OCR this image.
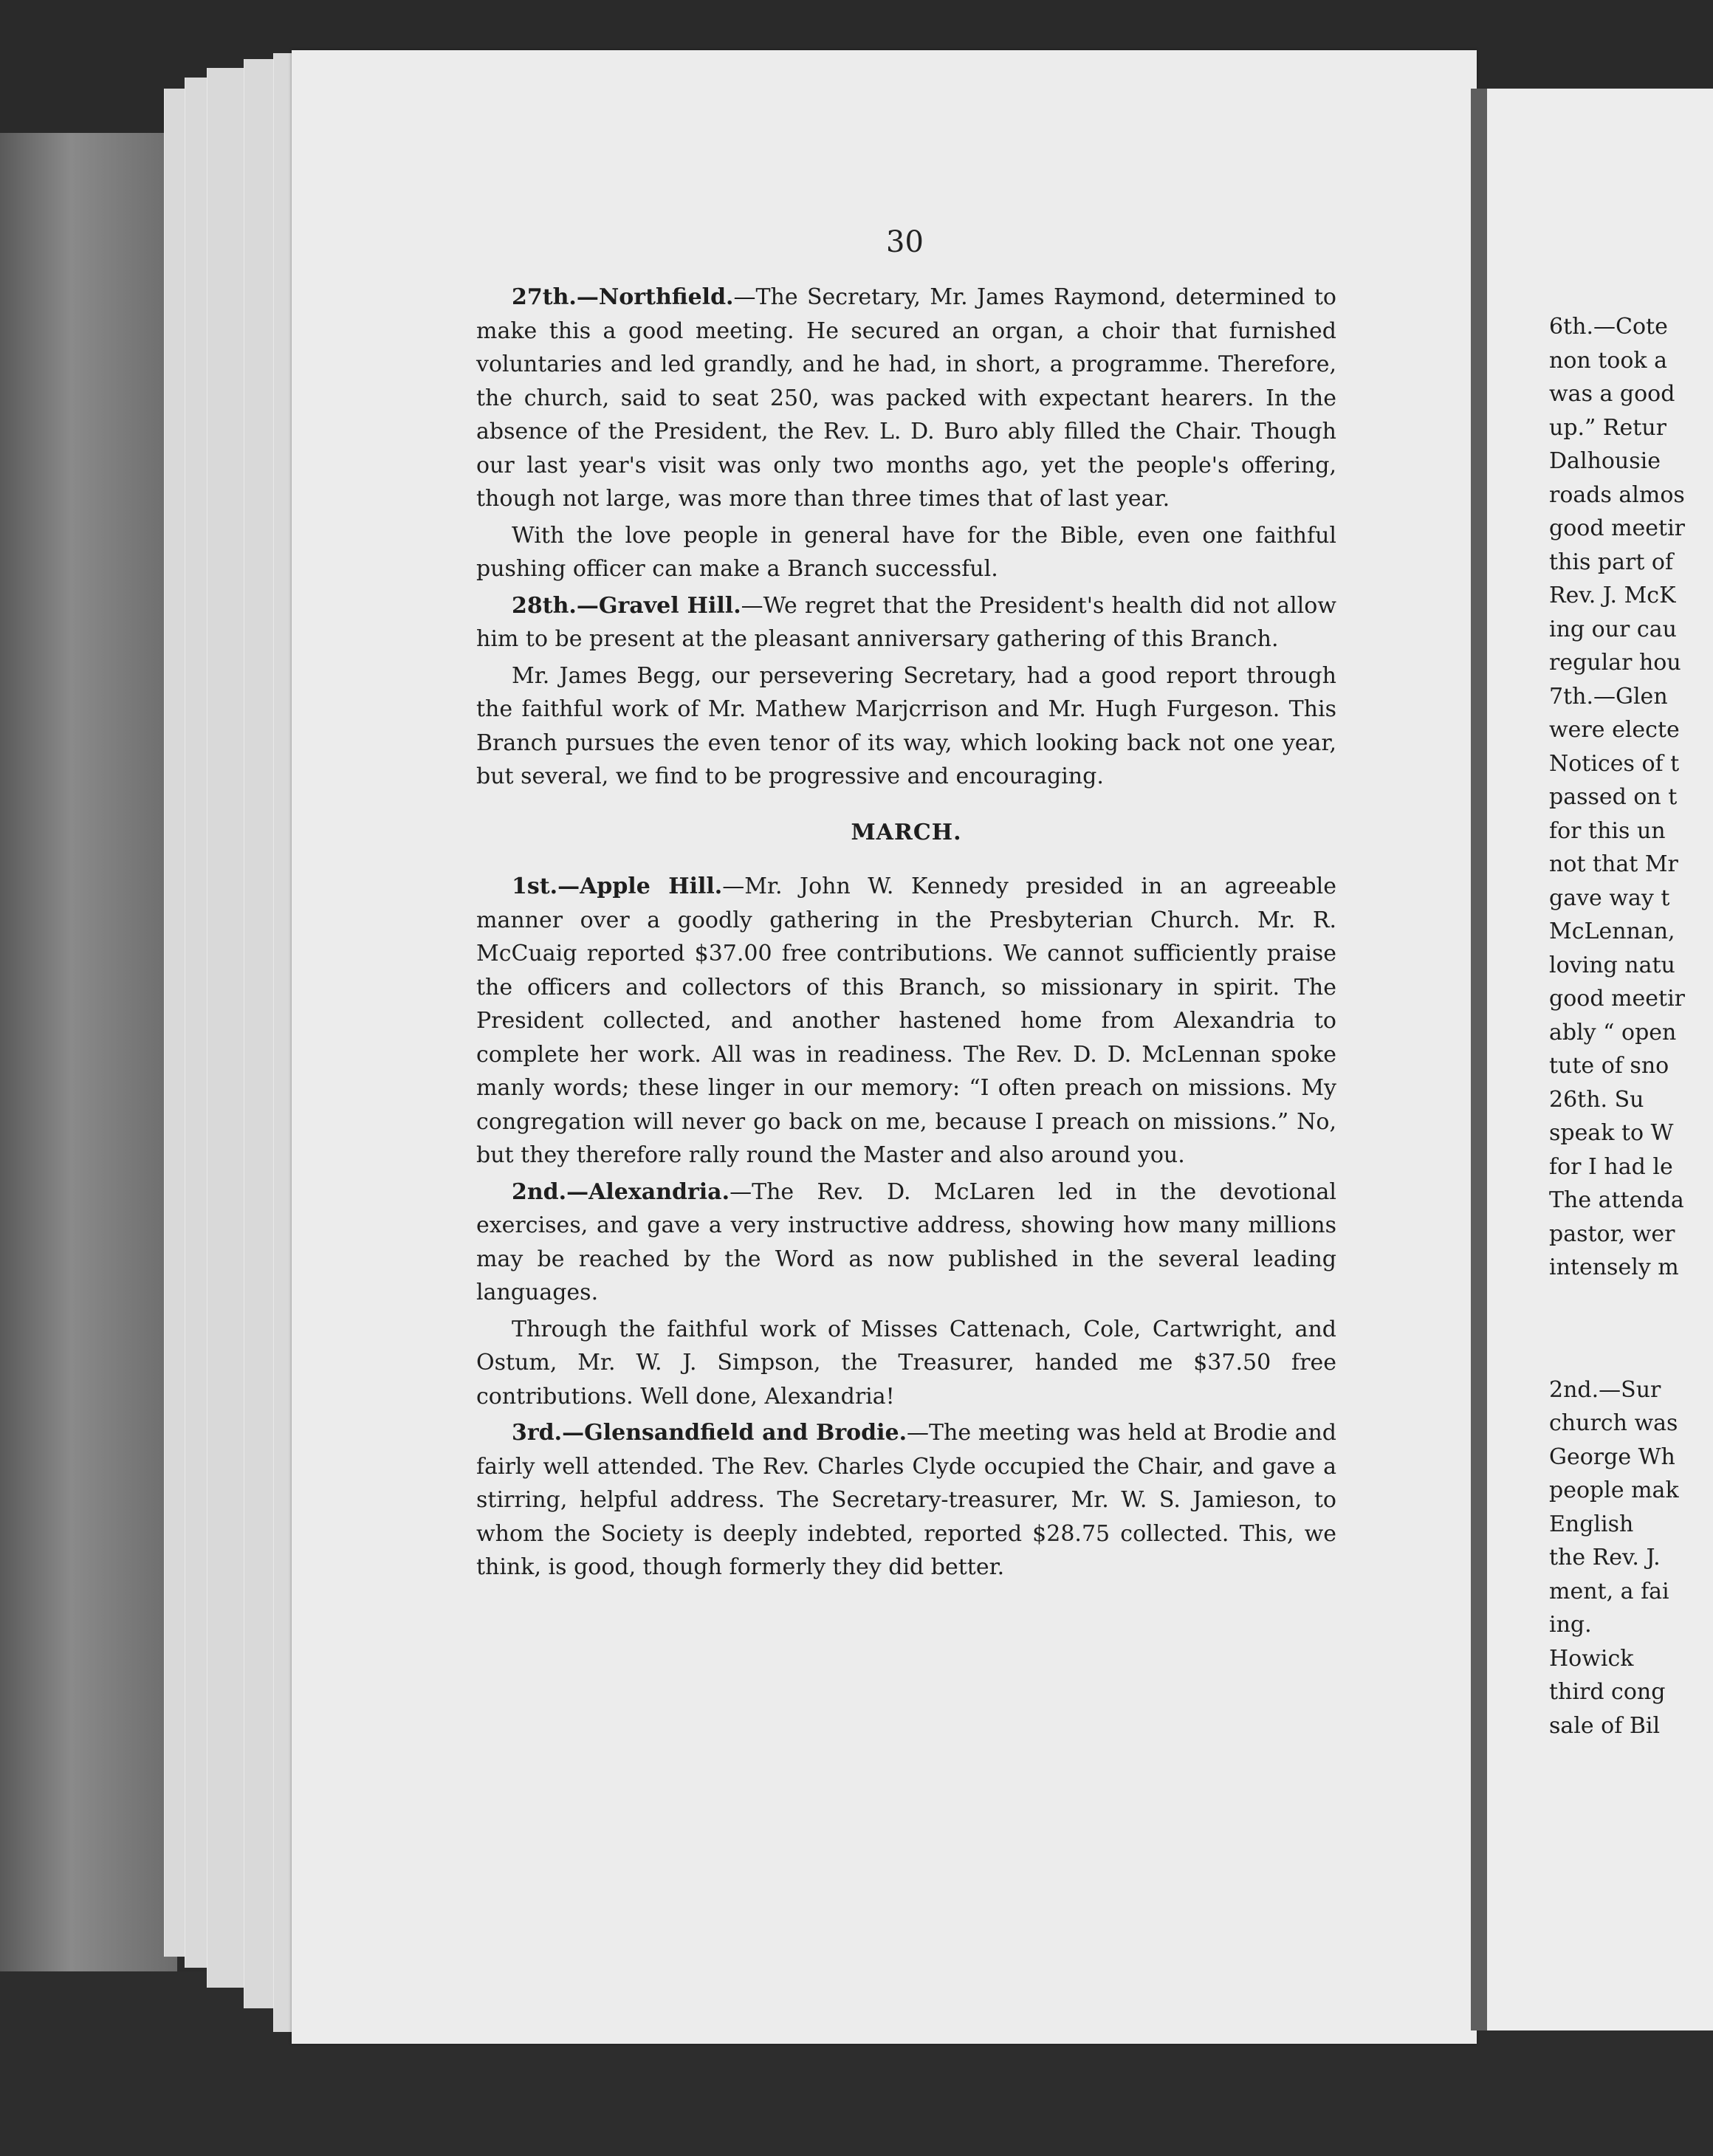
30

27th.—Northfield.—The Secretary, Mr. James Raymond, determined to make this a good meeting. He secured an organ, a choir that furnished voluntaries and led grandly, and he had, in short, a programme. Therefore, the church, said to seat 250, was packed with expectant hearers. In the absence of the President, the Rev. L. D. Buro ably filled the Chair. Though our last year's visit was only two months ago, yet the people's offering, though not large, was more than three times that of last year.

With the love people in general have for the Bible, even one faithful pushing officer can make a Branch successful.

28th.—Gravel Hill.—We regret that the President's health did not allow him to be present at the pleasant anniversary gathering of this Branch.

Mr. James Begg, our persevering Secretary, had a good report through the faithful work of Mr. Mathew Marjcrrison and Mr. Hugh Furgeson. This Branch pursues the even tenor of its way, which looking back not one year, but several, we find to be progressive and encouraging.

MARCH.

1st.—Apple Hill.—Mr. John W. Kennedy presided in an agreeable manner over a goodly gathering in the Presbyterian Church. Mr. R. McCuaig reported $37.00 free contributions. We cannot sufficiently praise the officers and collectors of this Branch, so missionary in spirit. The President collected, and another hastened home from Alexandria to complete her work. All was in readiness. The Rev. D. D. McLennan spoke manly words; these linger in our memory: “I often preach on missions. My congregation will never go back on me, because I preach on missions.” No, but they therefore rally round the Master and also around you.

2nd.—Alexandria.—The Rev. D. McLaren led in the devotional exercises, and gave a very instructive address, showing how many millions may be reached by the Word as now published in the several leading languages.

Through the faithful work of Misses Cattenach, Cole, Cartwright, and Ostum, Mr. W. J. Simpson, the Treasurer, handed me $37.50 free contributions. Well done, Alexandria!

3rd.—Glensandfield and Brodie.—The meeting was held at Brodie and fairly well attended. The Rev. Charles Clyde occupied the Chair, and gave a stirring, helpful address. The Secretary-treasurer, Mr. W. S. Jamieson, to whom the Society is deeply indebted, reported $28.75 collected. This, we think, is good, though formerly they did better.

6th.—Cote
non took a
was a good
up.” Retur
Dalhousie
roads almos
good meetir
this part of
Rev. J. McK
ing our cau
regular hou
7th.—Glen
were electe
Notices of t
passed on t
for this un
not that Mr
gave way t
McLennan,
loving natu
good meetir
ably “ open
tute of sno
26th. Su
speak to W
for I had le
The attenda
pastor, wer
intensely m
2nd.—Sur
church was
George Wh
people mak
English
the Rev. J.
ment, a fai
ing.
Howick
third cong
sale of Bil
